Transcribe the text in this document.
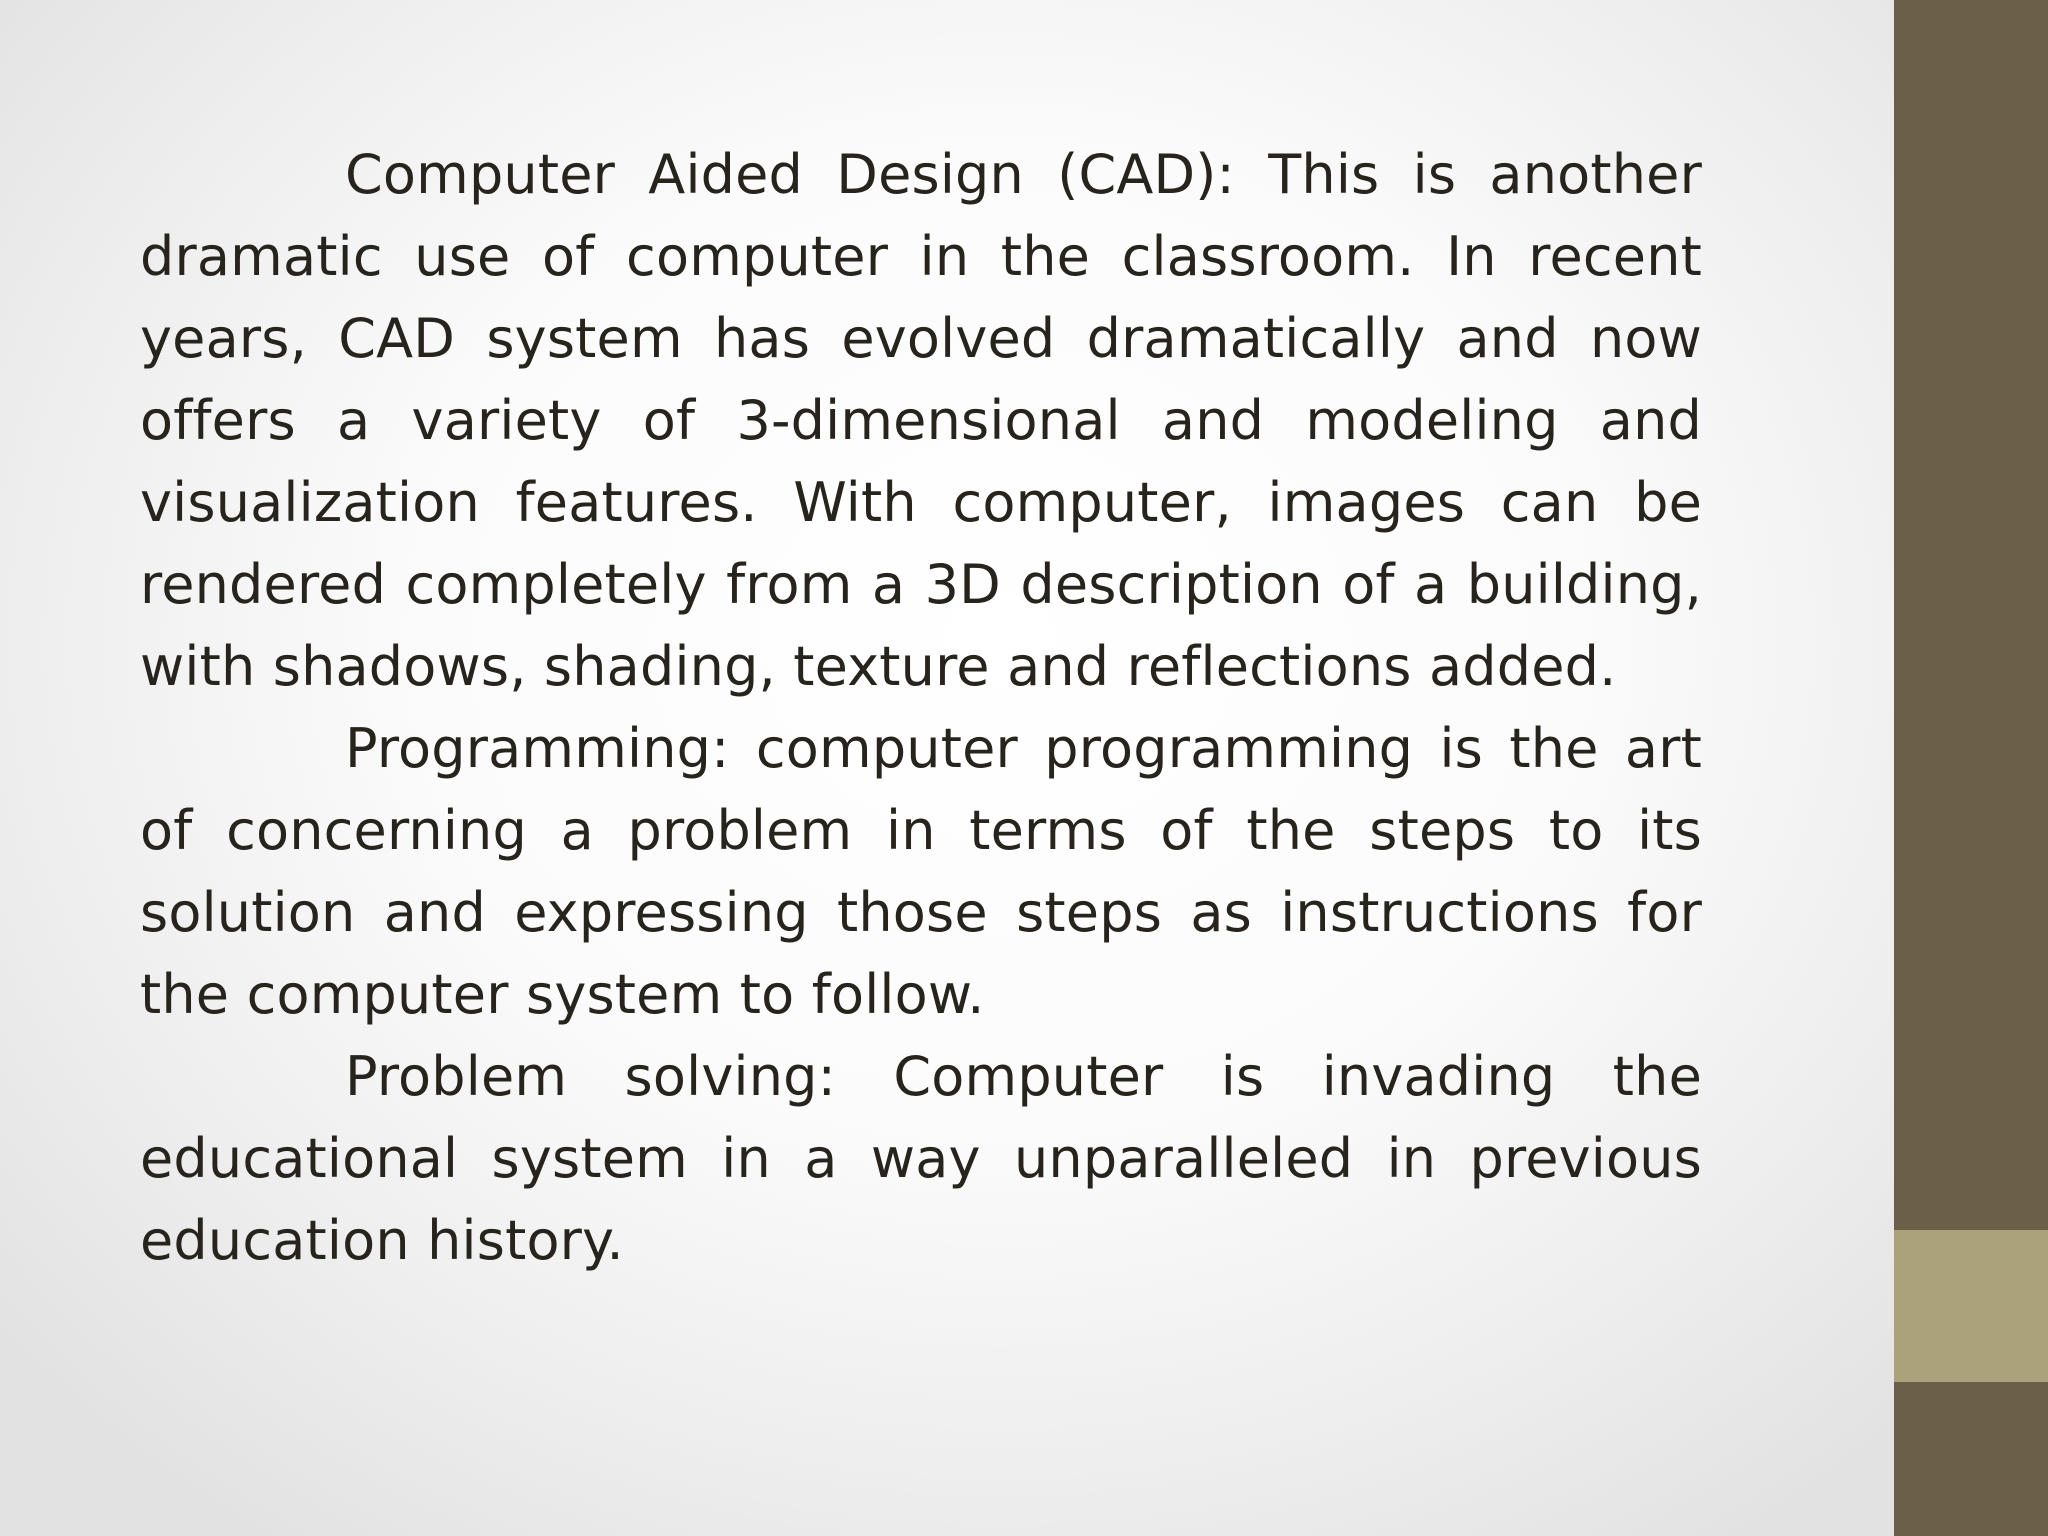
Computer Aided Design (CAD): This is another dramatic use of computer in the classroom. In recent years, CAD system has evolved dramatically and now offers a variety of 3-dimensional and modeling and visualization features. With computer, images can be rendered completely from a 3D description of a building, with shadows, shading, texture and reflections added.

Programming: computer programming is the art of concerning a problem in terms of the steps to its solution and expressing those steps as instructions for the computer system to follow.

Problem solving: Computer is invading the educational system in a way unparalleled in previous education history.
